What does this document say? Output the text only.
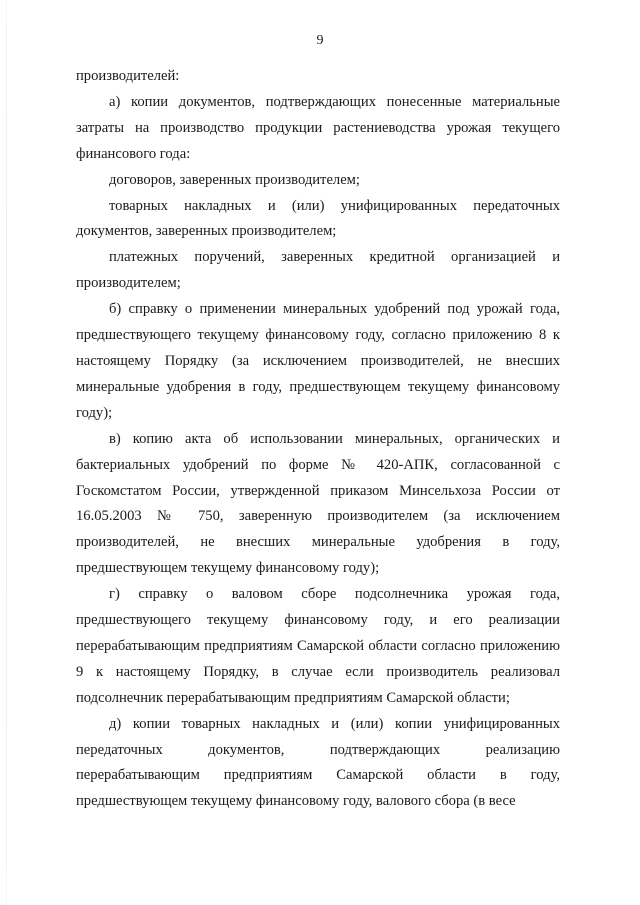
9

производителей:

а) копии документов, подтверждающих понесенные материальные затраты на производство продукции растениеводства урожая текущего финансового года:

договоров, заверенных производителем;

товарных накладных и (или) унифицированных передаточных документов, заверенных производителем;

платежных поручений, заверенных кредитной организацией и производителем;

б) справку о применении минеральных удобрений под урожай года, предшествующего текущему финансовому году, согласно приложению 8 к настоящему Порядку (за исключением производителей, не внесших минеральные удобрения в году, предшествующем текущему финансовому году);

в) копию акта об использовании минеральных, органических и бактериальных удобрений по форме № 420-АПК, согласованной с Госкомстатом России, утвержденной приказом Минсельхоза России от 16.05.2003 № 750, заверенную производителем (за исключением производителей, не внесших минеральные удобрения в году, предшествующем текущему финансовому году);

г) справку о валовом сборе подсолнечника урожая года, предшествующего текущему финансовому году, и его реализации перерабатывающим предприятиям Самарской области согласно приложению 9 к настоящему Порядку, в случае если производитель реализовал подсолнечник перерабатывающим предприятиям Самарской области;

д) копии товарных накладных и (или) копии унифицированных передаточных документов, подтверждающих реализацию перерабатывающим предприятиям Самарской области в году, предшествующем текущему финансовому году, валового сбора (в весе
